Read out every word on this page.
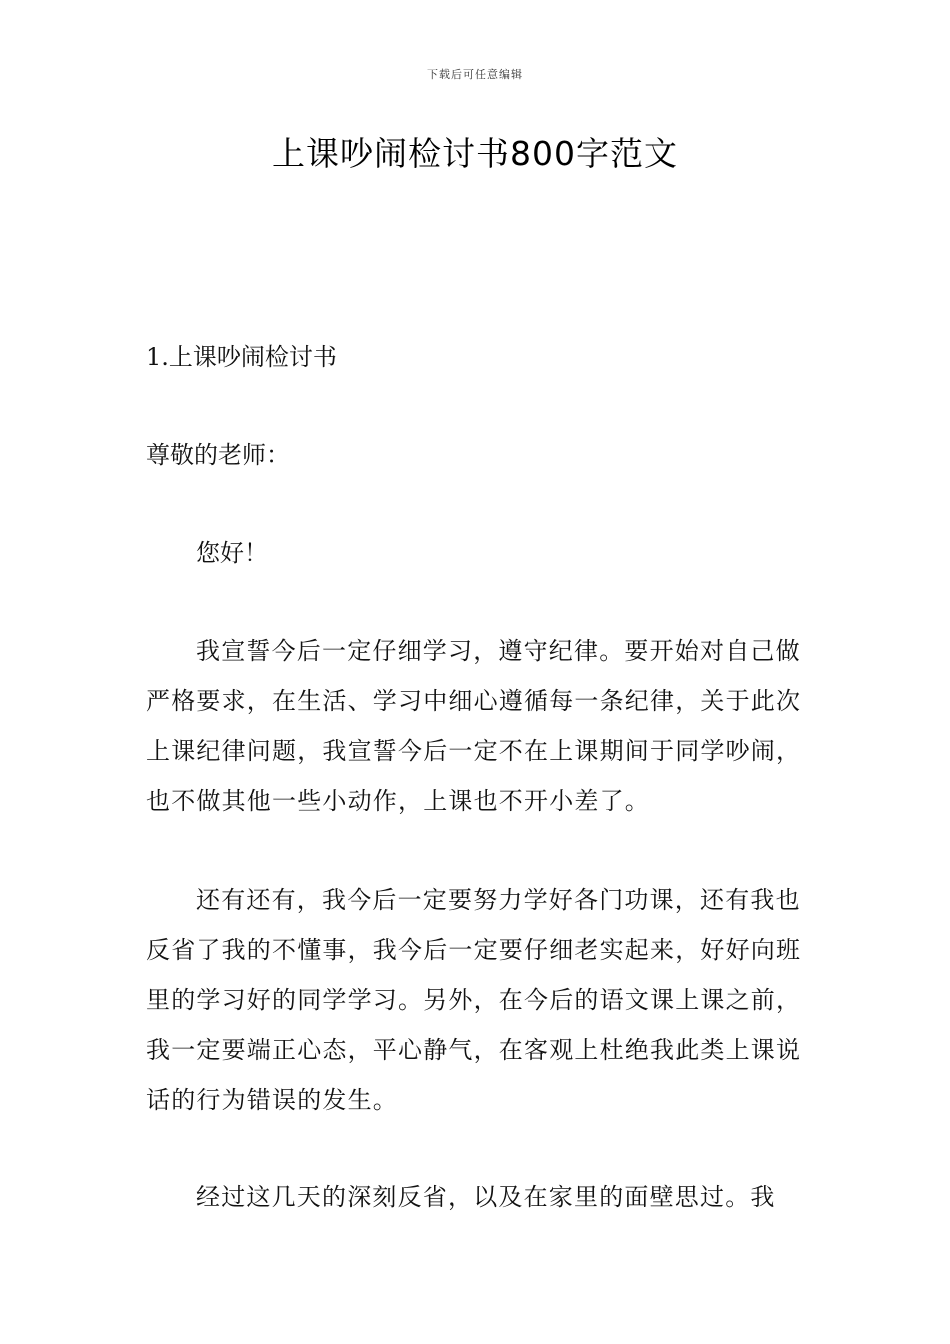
下载后可任意编辑
上课吵闹检讨书800字范文

1.上课吵闹检讨书

尊敬的老师：

您好！

我宣誓今后一定仔细学习，遵守纪律。要开始对自己做严格要求，在生活、学习中细心遵循每一条纪律，关于此次上课纪律问题，我宣誓今后一定不在上课期间于同学吵闹，也不做其他一些小动作，上课也不开小差了。

还有还有，我今后一定要努力学好各门功课，还有我也反省了我的不懂事，我今后一定要仔细老实起来，好好向班里的学习好的同学学习。另外，在今后的语文课上课之前，我一定要端正心态，平心静气，在客观上杜绝我此类上课说话的行为错误的发生。

经过这几天的深刻反省，以及在家里的面壁思过。我
